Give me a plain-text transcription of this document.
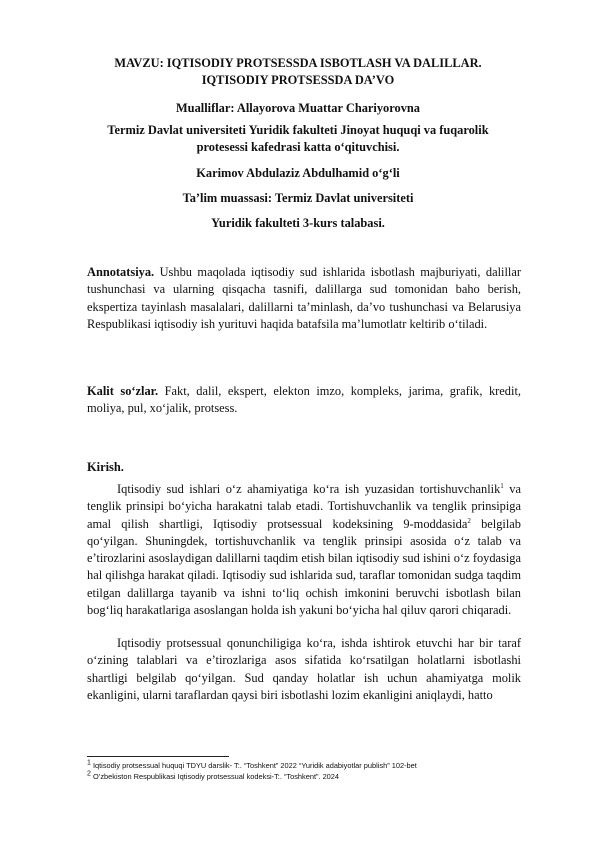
MAVZU: IQTISODIY PROTSESSDA ISBOTLASH VA DALILLAR.
IQTISODIY PROTSESSDA DA’VO
Mualliflar: Allayorova Muattar Chariyorovna
Termiz Davlat universiteti Yuridik fakulteti Jinoyat huquqi va fuqarolik
protesessi kafedrasi katta o‘qituvchisi.
Karimov Abdulaziz Abdulhamid o‘g‘li
Ta’lim muassasi: Termiz Davlat universiteti
Yuridik fakulteti 3-kurs talabasi.
Annotatsiya. Ushbu maqolada iqtisodiy sud ishlarida isbotlash majburiyati, dalillar tushunchasi va ularning qisqacha tasnifi, dalillarga sud tomonidan baho berish, ekspertiza tayinlash masalalari, dalillarni ta’minlash, da’vo tushunchasi va Belarusiya Respublikasi iqtisodiy ish yurituvi haqida batafsila ma’lumotlatr keltirib o‘tiladi.
Kalit so‘zlar. Fakt, dalil, ekspert, elekton imzo, kompleks, jarima, grafik, kredit, moliya, pul, xo‘jalik, protsess.
Kirish.
Iqtisodiy sud ishlari o‘z ahamiyatiga ko‘ra ish yuzasidan tortishuvchanlik$^1$ va tenglik prinsipi bo‘yicha harakatni talab etadi. Tortishuvchanlik va tenglik prinsipiga amal qilish shartligi, Iqtisodiy protsessual kodeksining 9-moddasida$^2$ belgilab qo‘yilgan. Shuningdek, tortishuvchanlik va tenglik prinsipi asosida o‘z talab va e’tirozlarini asoslaydigan dalillarni taqdim etish bilan iqtisodiy sud ishini o‘z foydasiga hal qilishga harakat qiladi. Iqtisodiy sud ishlarida sud, taraflar tomonidan sudga taqdim etilgan dalillarga tayanib va ishni to‘liq ochish imkonini beruvchi isbotlash bilan bog‘liq harakatlariga asoslangan holda ish yakuni bo‘yicha hal qiluv qarori chiqaradi.
Iqtisodiy protsessual qonunchiligiga ko‘ra, ishda ishtirok etuvchi har bir taraf o‘zining talablari va e’tirozlariga asos sifatida ko‘rsatilgan holatlarni isbotlashi shartligi belgilab qo‘yilgan. Sud qanday holatlar ish uchun ahamiyatga molik ekanligini, ularni taraflardan qaysi biri isbotlashi lozim ekanligini aniqlaydi, hatto
$^1$ Iqtisodiy protsessual huquqi TDYU darslik- T:. “Toshkent” 2022 “Yuridik adabiyotlar publish” 102-bet
$^2$ O’zbekiston Respublikasi Iqtisodiy protsessual kodeksi-T:. “Toshkent”. 2024
